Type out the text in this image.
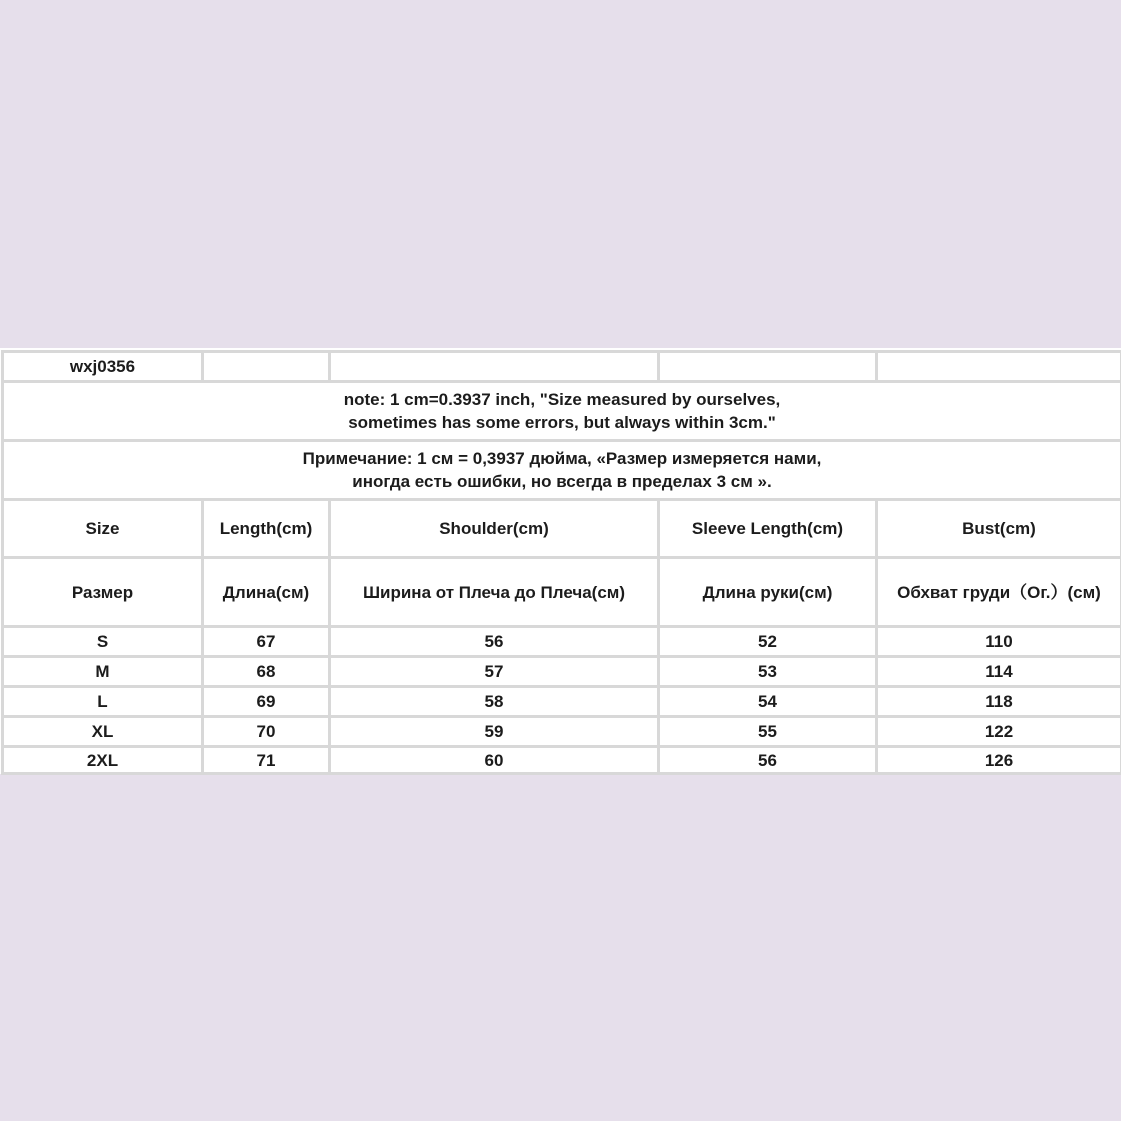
wxj0356				

note: 1 cm=0.3937 inch, "Size measured by ourselves,
sometimes has some errors, but always within 3cm."				

Примечание: 1 см = 0,3937 дюйма, «Размер измеряется нами,
иногда есть ошибки, но всегда в пределах 3 см ».				

Size	Length(cm)	Shoulder(cm)	Sleeve Length(cm)	Bust(cm)
Размер	Длина(см)	Ширина от Плеча до Плеча(см)	Длина руки(см)	Обхват груди（Ог.）(см)
S	67	56	52	110
M	68	57	53	114
L	69	58	54	118
XL	70	59	55	122
2XL	71	60	56	126
